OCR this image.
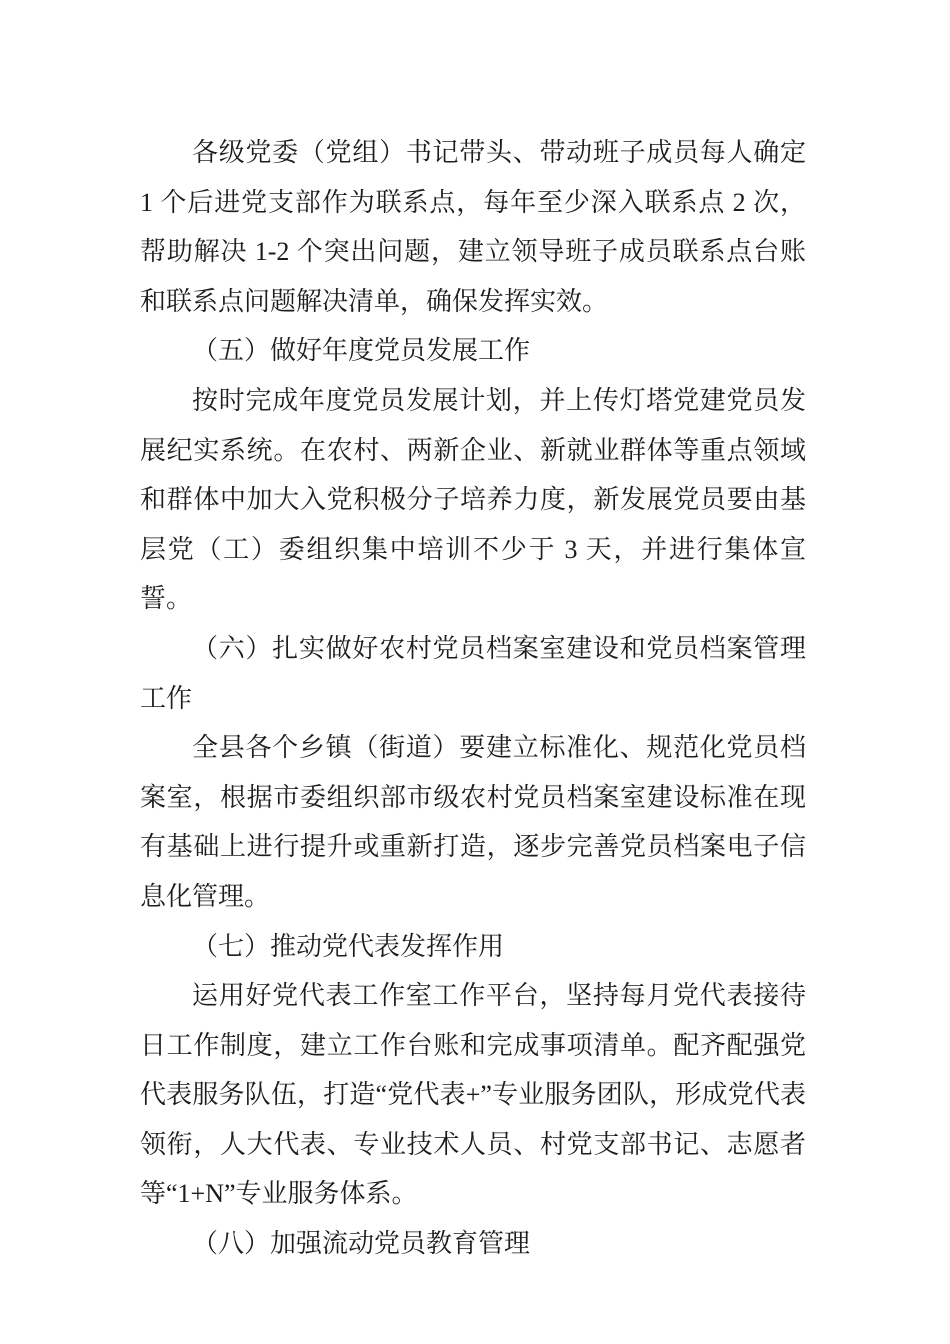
各级党委（党组）书记带头、带动班子成员每人确定 1 个后进党支部作为联系点，每年至少深入联系点 2 次，帮助解决 1-2 个突出问题，建立领导班子成员联系点台账和联系点问题解决清单，确保发挥实效。

（五）做好年度党员发展工作

按时完成年度党员发展计划，并上传灯塔党建党员发展纪实系统。在农村、两新企业、新就业群体等重点领域和群体中加大入党积极分子培养力度，新发展党员要由基层党（工）委组织集中培训不少于 3 天，并进行集体宣誓。

（六）扎实做好农村党员档案室建设和党员档案管理工作

全县各个乡镇（街道）要建立标准化、规范化党员档案室，根据市委组织部市级农村党员档案室建设标准在现有基础上进行提升或重新打造，逐步完善党员档案电子信息化管理。

（七）推动党代表发挥作用

运用好党代表工作室工作平台，坚持每月党代表接待日工作制度，建立工作台账和完成事项清单。配齐配强党代表服务队伍，打造“党代表+”专业服务团队，形成党代表领衔，人大代表、专业技术人员、村党支部书记、志愿者等“1+N”专业服务体系。

（八）加强流动党员教育管理
